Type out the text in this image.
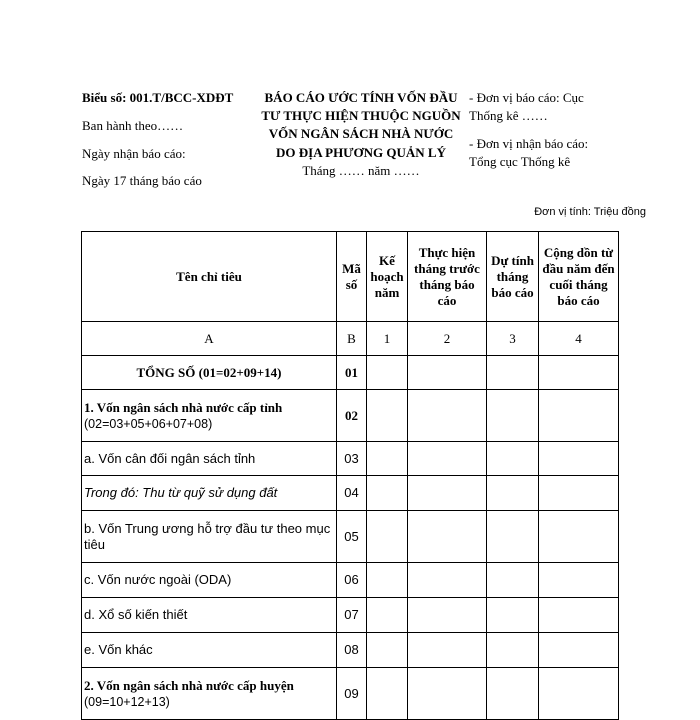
Biểu số: 001.T/BCC-XDĐT
Ban hành theo……
Ngày nhận báo cáo:
Ngày 17 tháng báo cáo
BÁO CÁO ƯỚC TÍNH VỐN ĐẦU
TƯ THỰC HIỆN THUỘC NGUỒN
VỐN NGÂN SÁCH NHÀ NƯỚC
DO ĐỊA PHƯƠNG QUẢN LÝ
Tháng …… năm ……
- Đơn vị báo cáo: Cục
Thống kê ……
- Đơn vị nhận báo cáo:
Tổng cục Thống kê
Đơn vị tính: Triệu đồng
Tên chỉ tiêu	Mã số	Kế hoạch năm	Thực hiện tháng trước tháng báo cáo	Dự tính tháng báo cáo	Cộng dồn từ đầu năm đến cuối tháng báo cáo
A	B	1	2	3	4
TỔNG SỐ (01=02+09+14)	01				

1. Vốn ngân sách nhà nước cấp tỉnh
(02=03+05+06+07+08)	02				
a. Vốn cân đối ngân sách tỉnh	03				
Trong đó: Thu từ quỹ sử dụng đất	04				

b. Vốn Trung ương hỗ trợ đầu tư theo mục
tiêu	05				
c. Vốn nước ngoài (ODA)	06				
d. Xổ số kiến thiết	07				
e. Vốn khác	08				

2. Vốn ngân sách nhà nước cấp huyện
(09=10+12+13)	09				
